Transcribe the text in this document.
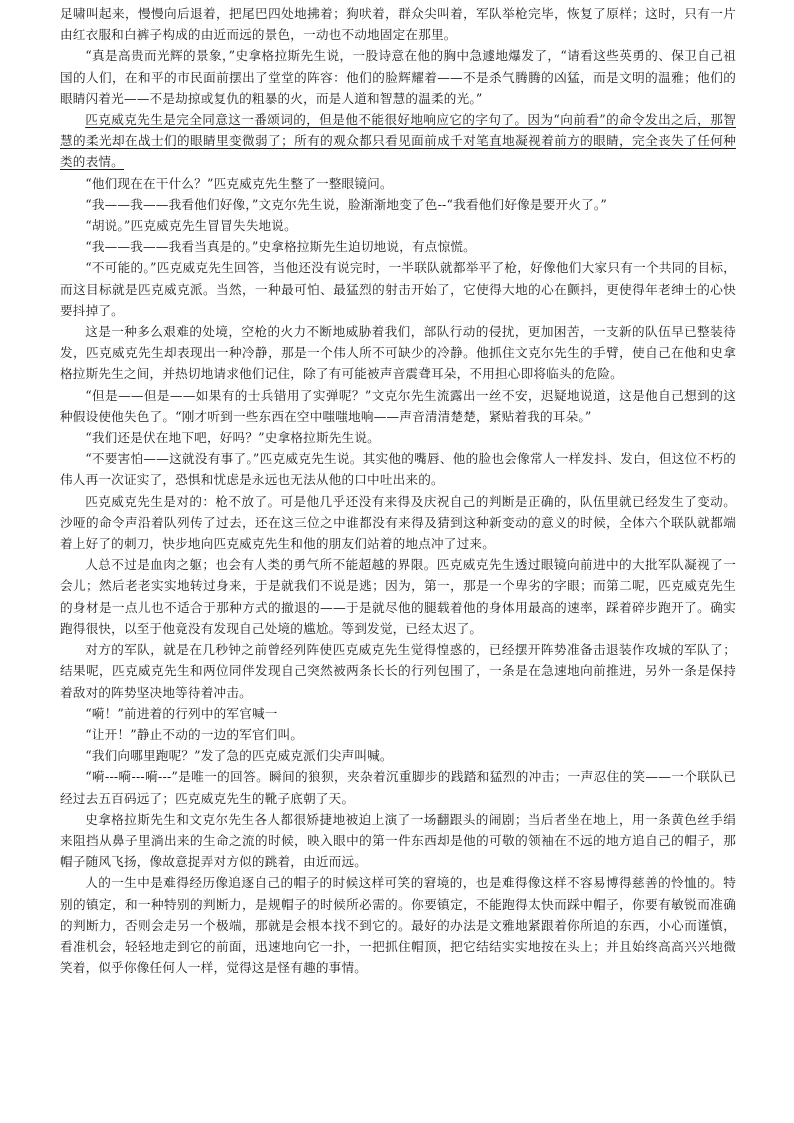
足啸叫起来，慢慢向后退着，把尾巴四处地拂着；狗吠着，群众尖叫着，军队举枪完毕，恢复了原样；这时，只有一片由红衣服和白裤子构成的由近而远的景色，一动也不动地固定在那里。

“真是高贵而光辉的景象，”史拿格拉斯先生说，一股诗意在他的胸中急遽地爆发了，“请看这些英勇的、保卫自己祖国的人们，在和平的市民面前摆出了堂堂的阵容：他们的脸辉耀着——不是杀气腾腾的凶猛，而是文明的温雅；他们的眼睛闪着光——不是劫掠或复仇的粗暴的火，而是人道和智慧的温柔的光。”

匹克威克先生是完全同意这一番颂词的，但是他不能很好地响应它的字句了。因为“向前看”的命令发出之后，那智慧的柔光却在战士们的眼睛里变微弱了；所有的观众都只看见面前成千对笔直地凝视着前方的眼睛，完全丧失了任何种类的表情。

“他们现在在干什么？”匹克威克先生整了一整眼镜问。

“我——我——我看他们好像，”文克尔先生说，脸渐渐地变了色--“我看他们好像是要开火了。”

“胡说。”匹克威克先生冒冒失失地说。

“我——我——我看当真是的。”史拿格拉斯先生迫切地说，有点惊慌。

“不可能的。”匹克威克先生回答，当他还没有说完时，一半联队就都举平了枪，好像他们大家只有一个共同的目标，而这目标就是匹克威克派。当然，一种最可怕、最猛烈的射击开始了，它使得大地的心在颤抖，更使得年老绅士的心快要抖掉了。

这是一种多么艰难的处境，空枪的火力不断地威胁着我们，部队行动的侵扰，更加困苦，一支新的队伍早已整装待发，匹克威克先生却表现出一种冷静，那是一个伟人所不可缺少的冷静。他抓住文克尔先生的手臂，使自己在他和史拿格拉斯先生之间，并热切地请求他们记住，除了有可能被声音震聋耳朵，不用担心即将临头的危险。

“但是——但是——如果有的士兵错用了实弹呢？”文克尔先生流露出一丝不安，迟疑地说道，这是他自己想到的这种假设使他失色了。“刚才听到一些东西在空中嗤嗤地响——声音清清楚楚，紧贴着我的耳朵。”

“我们还是伏在地下吧，好吗？”史拿格拉斯先生说。

“不要害怕——这就没有事了。”匹克威克先生说。其实他的嘴唇、他的脸也会像常人一样发抖、发白，但这位不朽的伟人再一次证实了，恐惧和忧虑是永远也无法从他的口中吐出来的。

匹克威克先生是对的：枪不放了。可是他几乎还没有来得及庆祝自己的判断是正确的，队伍里就已经发生了变动。沙哑的命令声沿着队列传了过去，还在这三位之中谁都没有来得及猜到这种新变动的意义的时候，全体六个联队就都端着上好了的刺刀，快步地向匹克威克先生和他的朋友们站着的地点冲了过来。

人总不过是血肉之躯；也会有人类的勇气所不能超越的界限。匹克威克先生透过眼镜向前进中的大批军队凝视了一会儿；然后老老实实地转过身来，于是就我们不说是逃；因为，第一，那是一个卑劣的字眼；而第二呢，匹克威克先生的身材是一点儿也不适合于那种方式的撤退的——于是就尽他的腿载着他的身体用最高的速率，踩着碎步跑开了。确实跑得很快，以至于他竟没有发现自己处境的尴尬。等到发觉，已经太迟了。

对方的军队，就是在几秒钟之前曾经列阵使匹克威克先生觉得惶惑的，已经摆开阵势准备击退装作攻城的军队了；结果呢，匹克威克先生和两位同伴发现自己突然被两条长长的行列包围了，一条是在急速地向前推进，另外一条是保持着敌对的阵势坚决地等待着冲击。

“嗬！”前进着的行列中的军官喊一

“让开！”静止不动的一边的军官们叫。

“我们向哪里跑呢？”发了急的匹克威克派们尖声叫喊。

“嗬---嗬---嗬---”是唯一的回答。瞬间的狼狈，夹杂着沉重脚步的践踏和猛烈的冲击；一声忍住的笑——一个联队已经过去五百码远了；匹克威克先生的靴子底朝了天。

史拿格拉斯先生和文克尔先生各人都很矫捷地被迫上演了一场翻跟头的闹剧；当后者坐在地上，用一条黄色丝手绢来阻挡从鼻子里淌出来的生命之流的时候，映入眼中的第一件东西却是他的可敬的领袖在不远的地方追自己的帽子，那帽子随风飞扬，像故意捉弄对方似的跳着，由近而远。

人的一生中是难得经历像追逐自己的帽子的时候这样可笑的窘境的，也是难得像这样不容易博得慈善的怜恤的。特别的镇定，和一种特别的判断力，是规帽子的时候所必需的。你要镇定，不能跑得太快而踩中帽子，你要有敏锐而准确的判断力，否则会走另一个极端，那就是会根本找不到它的。最好的办法是文雅地紧跟着你所追的东西，小心而谨慎，看准机会，轻轻地走到它的前面，迅速地向它一扑，一把抓住帽顶，把它结结实实地按在头上；并且始终高高兴兴地微笑着，似乎你像任何人一样，觉得这是怪有趣的事情。
